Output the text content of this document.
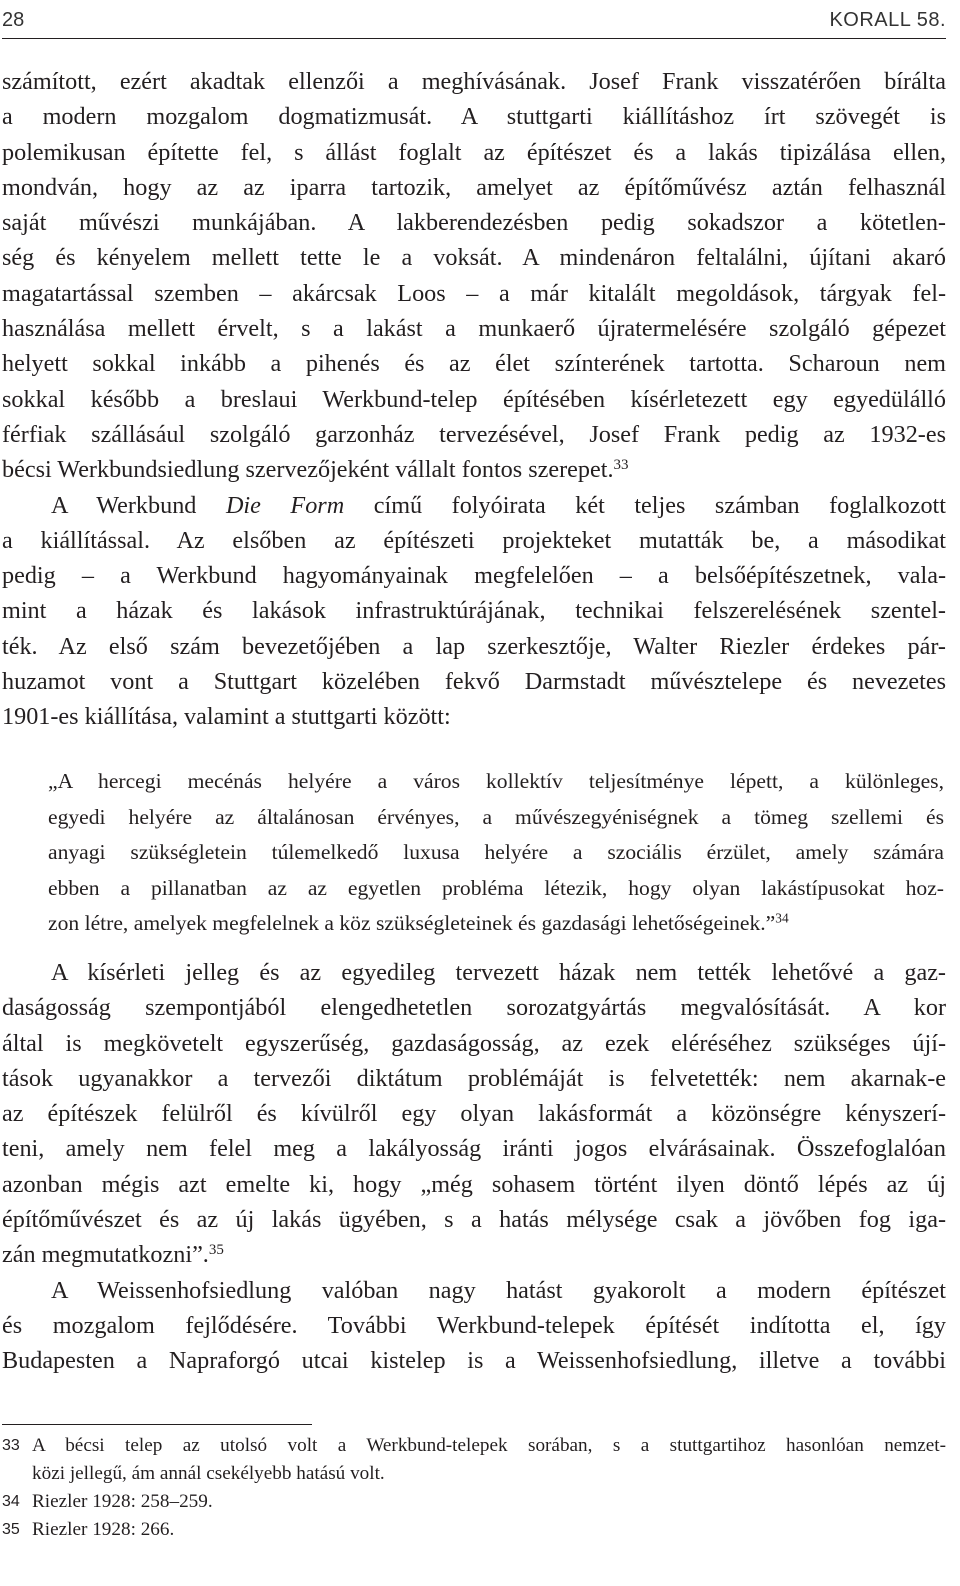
28	KORALL 58.

számított, ezért akadtak ellenzői a meghívásának. Josef Frank visszatérően bírálta

a modern mozgalom dogmatizmusát. A stuttgarti kiállításhoz írt szövegét is

polemikusan építette fel, s állást foglalt az építészet és a lakás tipizálása ellen,

mondván, hogy az az iparra tartozik, amelyet az építőművész aztán felhasznál

saját művészi munkájában. A lakberendezésben pedig sokadszor a kötetlen-

ség és kényelem mellett tette le a voksát. A mindenáron feltalálni, újítani akaró

magatartással szemben – akárcsak Loos – a már kitalált megoldások, tárgyak fel-

használása mellett érvelt, s a lakást a munkaerő újratermelésére szolgáló gépezet

helyett sokkal inkább a pihenés és az élet színterének tartotta. Scharoun nem

sokkal később a breslaui Werkbund-telep építésében kísérletezett egy egyedülálló

férfiak szállásául szolgáló garzonház tervezésével, Josef Frank pedig az 1932-es

bécsi Werkbundsiedlung szervezőjeként vállalt fontos szerepet.$^{33}$

A Werkbund Die Form című folyóirata két teljes számban foglalkozott

a kiállítással. Az elsőben az építészeti projekteket mutatták be, a másodikat

pedig – a Werkbund hagyományainak megfelelően – a belsőépítészetnek, vala-

mint a házak és lakások infrastruktúrájának, technikai felszerelésének szentel-

ték. Az első szám bevezetőjében a lap szerkesztője, Walter Riezler érdekes pár-

huzamot vont a Stuttgart közelében fekvő Darmstadt művésztelepe és nevezetes

1901-es kiállítása, valamint a stuttgarti között:

„A hercegi mecénás helyére a város kollektív teljesítménye lépett, a különleges,

egyedi helyére az általánosan érvényes, a művészegyéniségnek a tömeg szellemi és

anyagi szükségletein túlemelkedő luxusa helyére a szociális érzület, amely számára

ebben a pillanatban az az egyetlen probléma létezik, hogy olyan lakástípusokat hoz-

zon létre, amelyek megfelelnek a köz szükségleteinek és gazdasági lehetőségeinek.”$^{34}$

A kísérleti jelleg és az egyedileg tervezett házak nem tették lehetővé a gaz-

daságosság szempontjából elengedhetetlen sorozatgyártás megvalósítását. A kor

által is megkövetelt egyszerűség, gazdaságosság, az ezek eléréséhez szükséges újí-

tások ugyanakkor a tervezői diktátum problémáját is felvetették: nem akarnak-e

az építészek felülről és kívülről egy olyan lakásformát a közönségre kényszerí-

teni, amely nem felel meg a lakályosság iránti jogos elvárásainak. Összefoglalóan

azonban mégis azt emelte ki, hogy „még sohasem történt ilyen döntő lépés az új

építőművészet és az új lakás ügyében, s a hatás mélysége csak a jövőben fog iga-

zán megmutatkozni”.$^{35}$

A Weissenhofsiedlung valóban nagy hatást gyakorolt a modern építészet

és mozgalom fejlődésére. További Werkbund-telepek építését indította el, így

Budapesten a Napraforgó utcai kistelep is a Weissenhofsiedlung, illetve a további

33 A bécsi telep az utolsó volt a Werkbund-telepek sorában, s a stuttgartihoz hasonlóan nemzet-

közi jellegű, ám annál csekélyebb hatású volt.

34 Riezler 1928: 258–259.

35 Riezler 1928: 266.
